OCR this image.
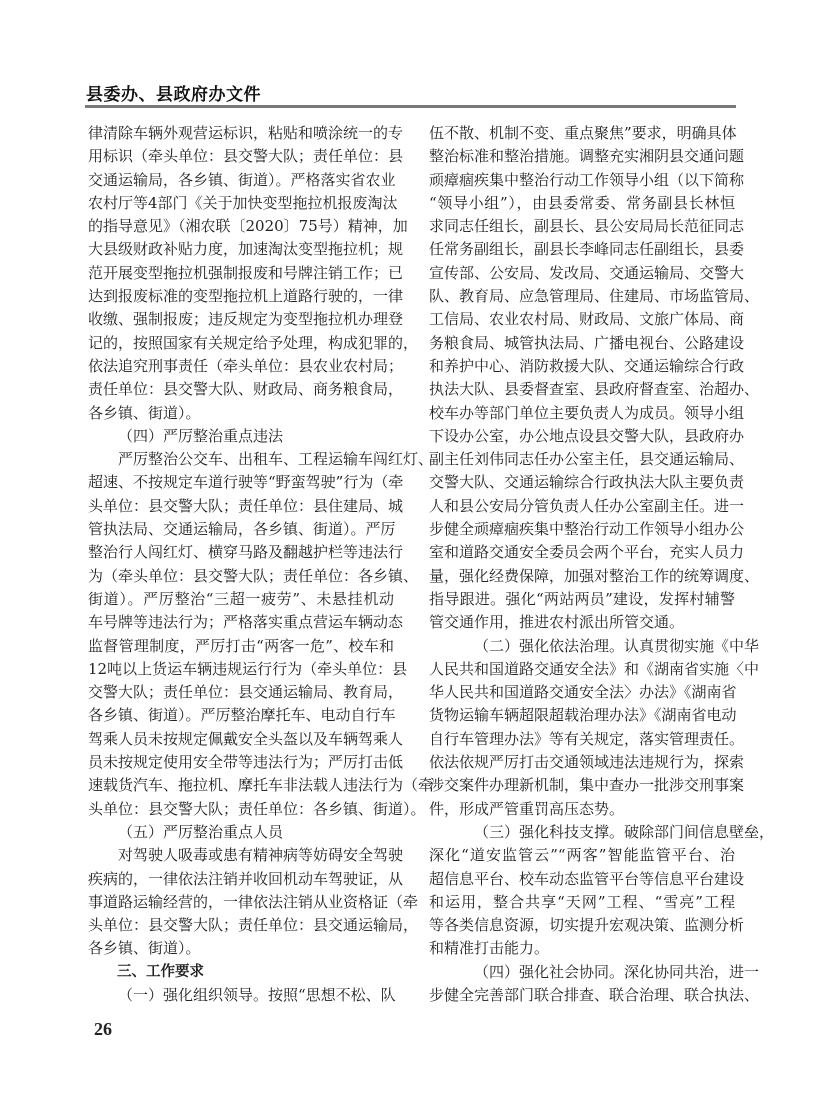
县委办、县政府办文件
律清除车辆外观营运标识，粘贴和喷涂统一的专
用标识（牵头单位：县交警大队；责任单位：县
交通运输局，各乡镇、街道）。严格落实省农业
农村厅等4部门《关于加快变型拖拉机报废淘汰
的指导意见》（湘农联〔2020〕75号）精神，加
大县级财政补贴力度，加速淘汰变型拖拉机；规
范开展变型拖拉机强制报废和号牌注销工作；已
达到报废标准的变型拖拉机上道路行驶的，一律
收缴、强制报废；违反规定为变型拖拉机办理登
记的，按照国家有关规定给予处理，构成犯罪的，
依法追究刑事责任（牵头单位：县农业农村局；
责任单位：县交警大队、财政局、商务粮食局，
各乡镇、街道）。
（四）严厉整治重点违法
严厉整治公交车、出租车、工程运输车闯红灯、
超速、不按规定车道行驶等“野蛮驾驶”行为（牵
头单位：县交警大队；责任单位：县住建局、城
管执法局、交通运输局，各乡镇、街道）。严厉
整治行人闯红灯、横穿马路及翻越护栏等违法行
为（牵头单位：县交警大队；责任单位：各乡镇、
街道）。严厉整治“三超一疲劳”、未悬挂机动
车号牌等违法行为；严格落实重点营运车辆动态
监督管理制度，严厉打击“两客一危”、校车和
12吨以上货运车辆违规运行行为（牵头单位：县
交警大队；责任单位：县交通运输局、教育局，
各乡镇、街道）。严厉整治摩托车、电动自行车
驾乘人员未按规定佩戴安全头盔以及车辆驾乘人
员未按规定使用安全带等违法行为；严厉打击低
速载货汽车、拖拉机、摩托车非法载人违法行为（牵
头单位：县交警大队；责任单位：各乡镇、街道）。
（五）严厉整治重点人员
对驾驶人吸毒或患有精神病等妨碍安全驾驶
疾病的，一律依法注销并收回机动车驾驶证，从
事道路运输经营的，一律依法注销从业资格证（牵
头单位：县交警大队；责任单位：县交通运输局，
各乡镇、街道）。
三、工作要求
（一）强化组织领导。按照“思想不松、队
伍不散、机制不变、重点聚焦”要求，明确具体
整治标准和整治措施。调整充实湘阴县交通问题
顽瘴痼疾集中整治行动工作领导小组（以下简称
“领导小组”），由县委常委、常务副县长林恒
求同志任组长，副县长、县公安局局长范征同志
任常务副组长，副县长李峰同志任副组长，县委
宣传部、公安局、发改局、交通运输局、交警大
队、教育局、应急管理局、住建局、市场监管局、
工信局、农业农村局、财政局、文旅广体局、商
务粮食局、城管执法局、广播电视台、公路建设
和养护中心、消防救援大队、交通运输综合行政
执法大队、县委督查室、县政府督查室、治超办、
校车办等部门单位主要负责人为成员。领导小组
下设办公室，办公地点设县交警大队，县政府办
副主任刘伟同志任办公室主任，县交通运输局、
交警大队、交通运输综合行政执法大队主要负责
人和县公安局分管负责人任办公室副主任。进一
步健全顽瘴痼疾集中整治行动工作领导小组办公
室和道路交通安全委员会两个平台，充实人员力
量，强化经费保障，加强对整治工作的统筹调度、
指导跟进。强化“两站两员”建设，发挥村辅警
管交通作用，推进农村派出所管交通。
（二）强化依法治理。认真贯彻实施《中华
人民共和国道路交通安全法》和《湖南省实施〈中
华人民共和国道路交通安全法〉办法》《湖南省
货物运输车辆超限超载治理办法》《湖南省电动
自行车管理办法》等有关规定，落实管理责任。
依法依规严厉打击交通领域违法违规行为，探索
涉交案件办理新机制，集中查办一批涉交刑事案
件，形成严管重罚高压态势。
（三）强化科技支撑。破除部门间信息壁垒，
深化“道安监管云”“两客”智能监管平台、治
超信息平台、校车动态监管平台等信息平台建设
和运用，整合共享“天网”工程、“雪亮”工程
等各类信息资源，切实提升宏观决策、监测分析
和精准打击能力。
（四）强化社会协同。深化协同共治，进一
步健全完善部门联合排查、联合治理、联合执法、
26
